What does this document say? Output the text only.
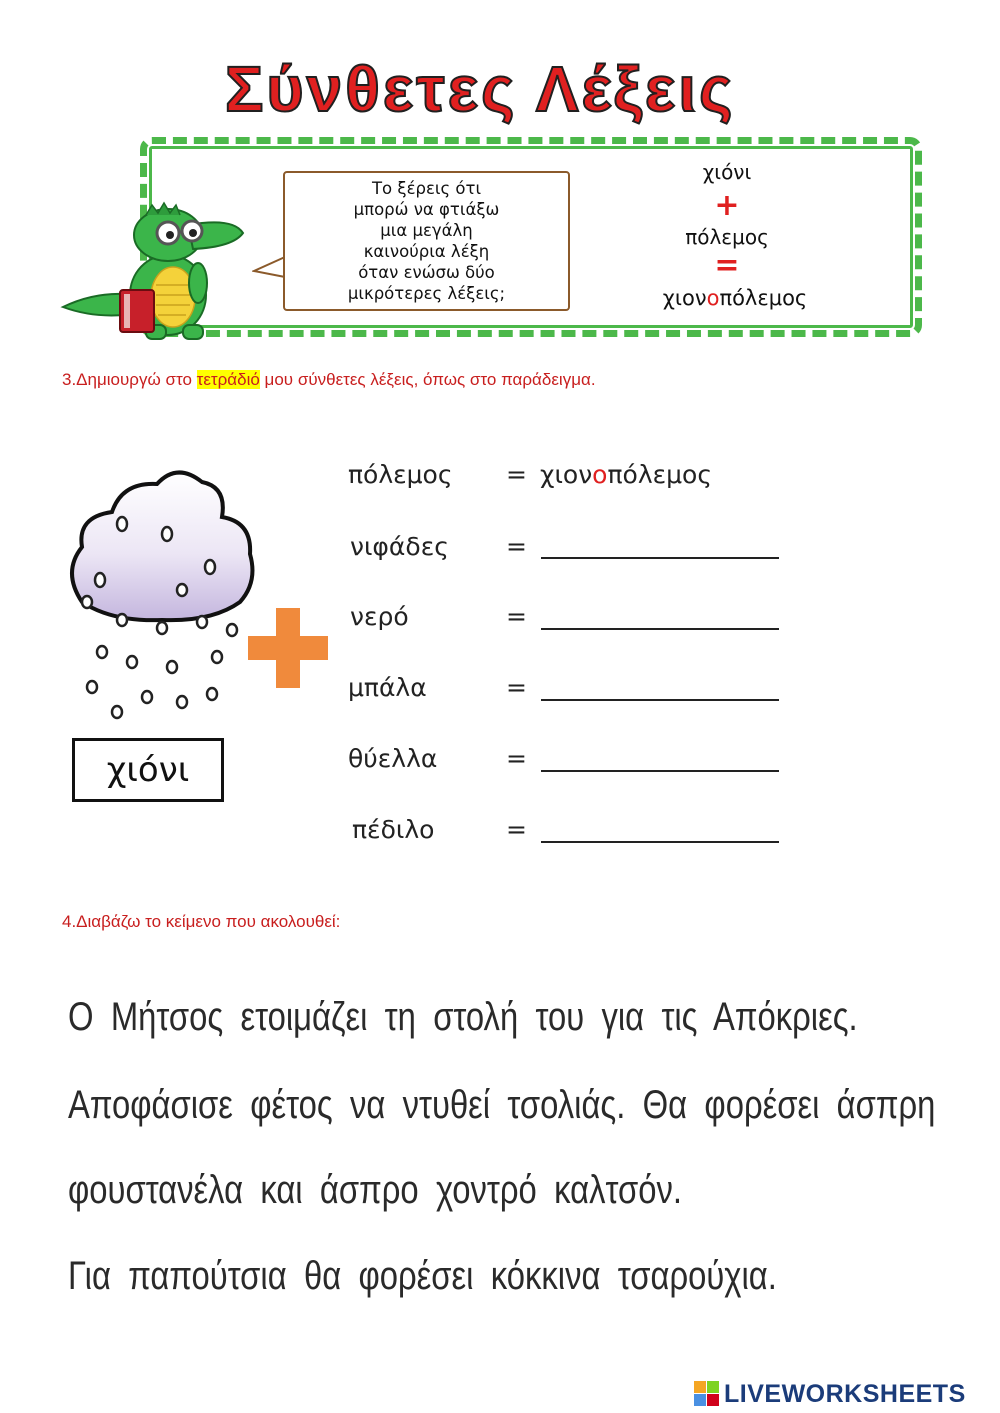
Σύνθετες Λέξεις
Το ξέρεις ότι
μπορώ να φτιάξω
μια μεγάλη
καινούρια λέξη
όταν ενώσω δύο
μικρότερες λέξεις;
χιόνι
+
πόλεμος
=
χιονοπόλεμος
3.Δημιουργώ στο τετράδιό μου σύνθετες λέξεις, όπως στο παράδειγμα.
χιόνι
πόλεμος = χιονοπόλεμος
νιφάδες =
νερό	=
μπάλα	=
θύελλα	=
πέδιλο	=
4.Διαβάζω το κείμενο που ακολουθεί:
Ο Μήτσος ετοιμάζει τη στολή του για τις Απόκριες.
Αποφάσισε φέτος να ντυθεί τσολιάς. Θα φορέσει άσπρη
φουστανέλα και άσπρο χοντρό καλτσόν.
Για παπούτσια θα φορέσει κόκκινα τσαρούχια.
LIVEWORKSHEETS
